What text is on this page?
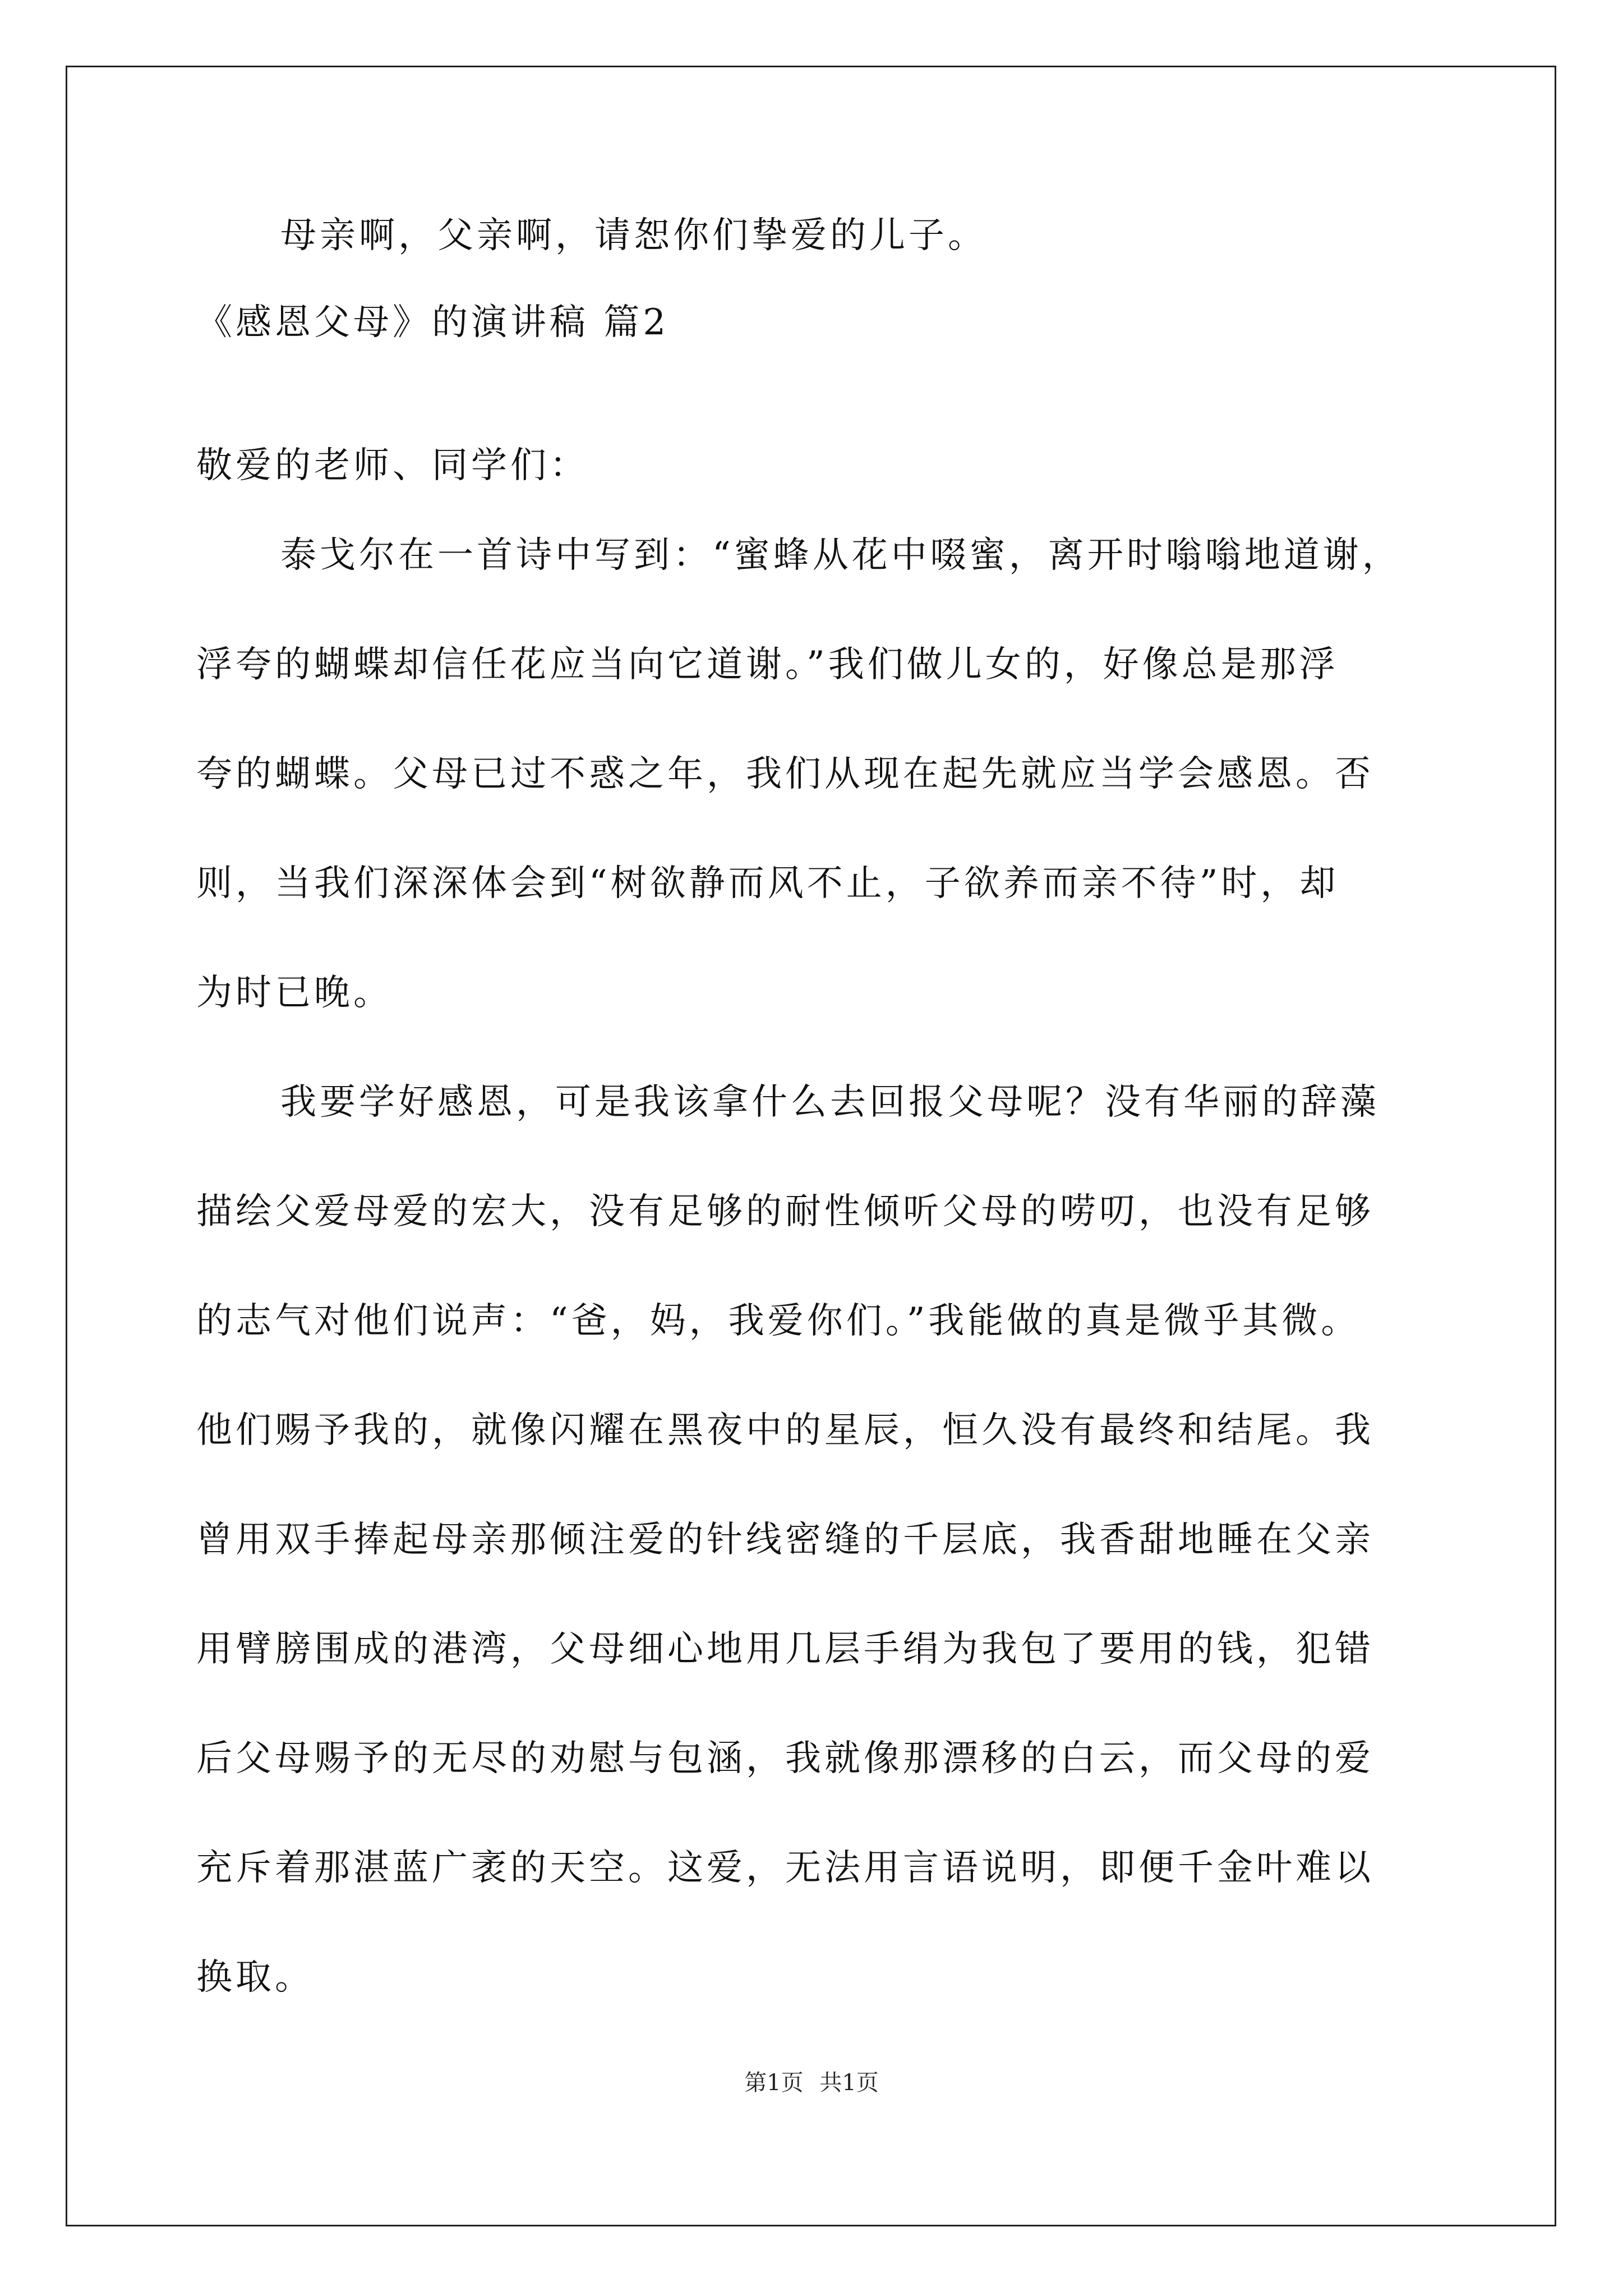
母亲啊，父亲啊，请恕你们挚爱的儿子。
《感恩父母》的演讲稿 篇2
敬爱的老师、同学们：
泰戈尔在一首诗中写到：“蜜蜂从花中啜蜜，离开时嗡嗡地道谢，
浮夸的蝴蝶却信任花应当向它道谢。”我们做儿女的，好像总是那浮
夸的蝴蝶。父母已过不惑之年，我们从现在起先就应当学会感恩。否
则，当我们深深体会到“树欲静而风不止，子欲养而亲不待”时，却
为时已晚。
我要学好感恩，可是我该拿什么去回报父母呢？没有华丽的辞藻
描绘父爱母爱的宏大，没有足够的耐性倾听父母的唠叨，也没有足够
的志气对他们说声：“爸，妈，我爱你们。”我能做的真是微乎其微。
他们赐予我的，就像闪耀在黑夜中的星辰，恒久没有最终和结尾。我
曾用双手捧起母亲那倾注爱的针线密缝的千层底，我香甜地睡在父亲
用臂膀围成的港湾，父母细心地用几层手绢为我包了要用的钱，犯错
后父母赐予的无尽的劝慰与包涵，我就像那漂移的白云，而父母的爱
充斥着那湛蓝广袤的天空。这爱，无法用言语说明，即便千金叶难以
换取。
第1页 共1页
